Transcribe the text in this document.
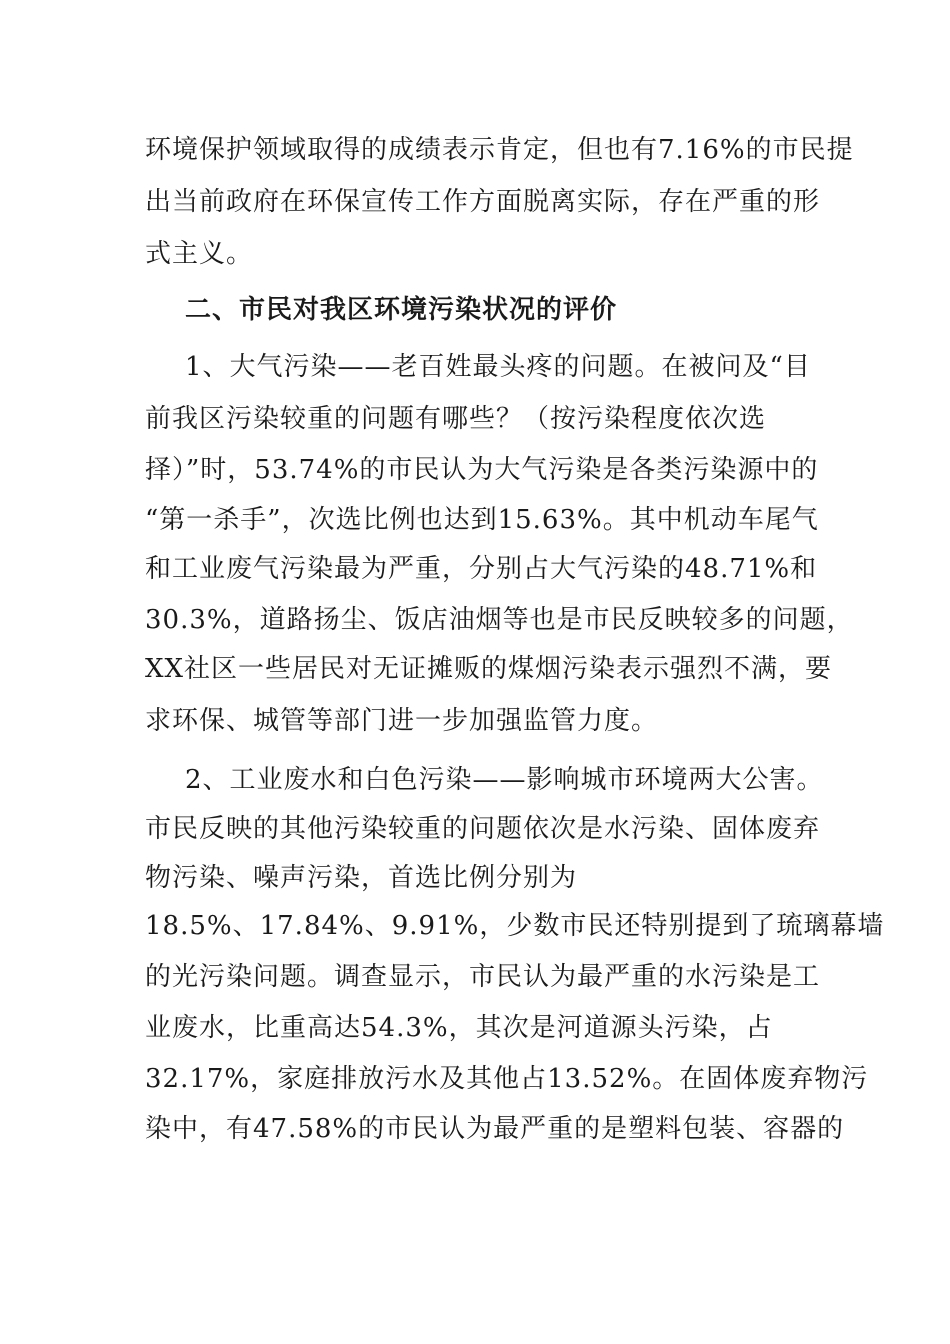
环境保护领域取得的成绩表示肯定，但也有7.16%的市民提
出当前政府在环保宣传工作方面脱离实际，存在严重的形
式主义。
二、市民对我区环境污染状况的评价
1、大气污染——老百姓最头疼的问题。在被问及“目
前我区污染较重的问题有哪些？（按污染程度依次选
择）”时，53.74%的市民认为大气污染是各类污染源中的
“第一杀手”，次选比例也达到15.63%。其中机动车尾气
和工业废气污染最为严重，分别占大气污染的48.71%和
30.3%，道路扬尘、饭店油烟等也是市民反映较多的问题，
XX社区一些居民对无证摊贩的煤烟污染表示强烈不满，要
求环保、城管等部门进一步加强监管力度。
2、工业废水和白色污染——影响城市环境两大公害。
市民反映的其他污染较重的问题依次是水污染、固体废弃
物污染、噪声污染，首选比例分别为
18.5%、17.84%、9.91%，少数市民还特别提到了琉璃幕墙
的光污染问题。调查显示，市民认为最严重的水污染是工
业废水，比重高达54.3%，其次是河道源头污染，占
32.17%，家庭排放污水及其他占13.52%。在固体废弃物污
染中，有47.58%的市民认为最严重的是塑料包装、容器的
